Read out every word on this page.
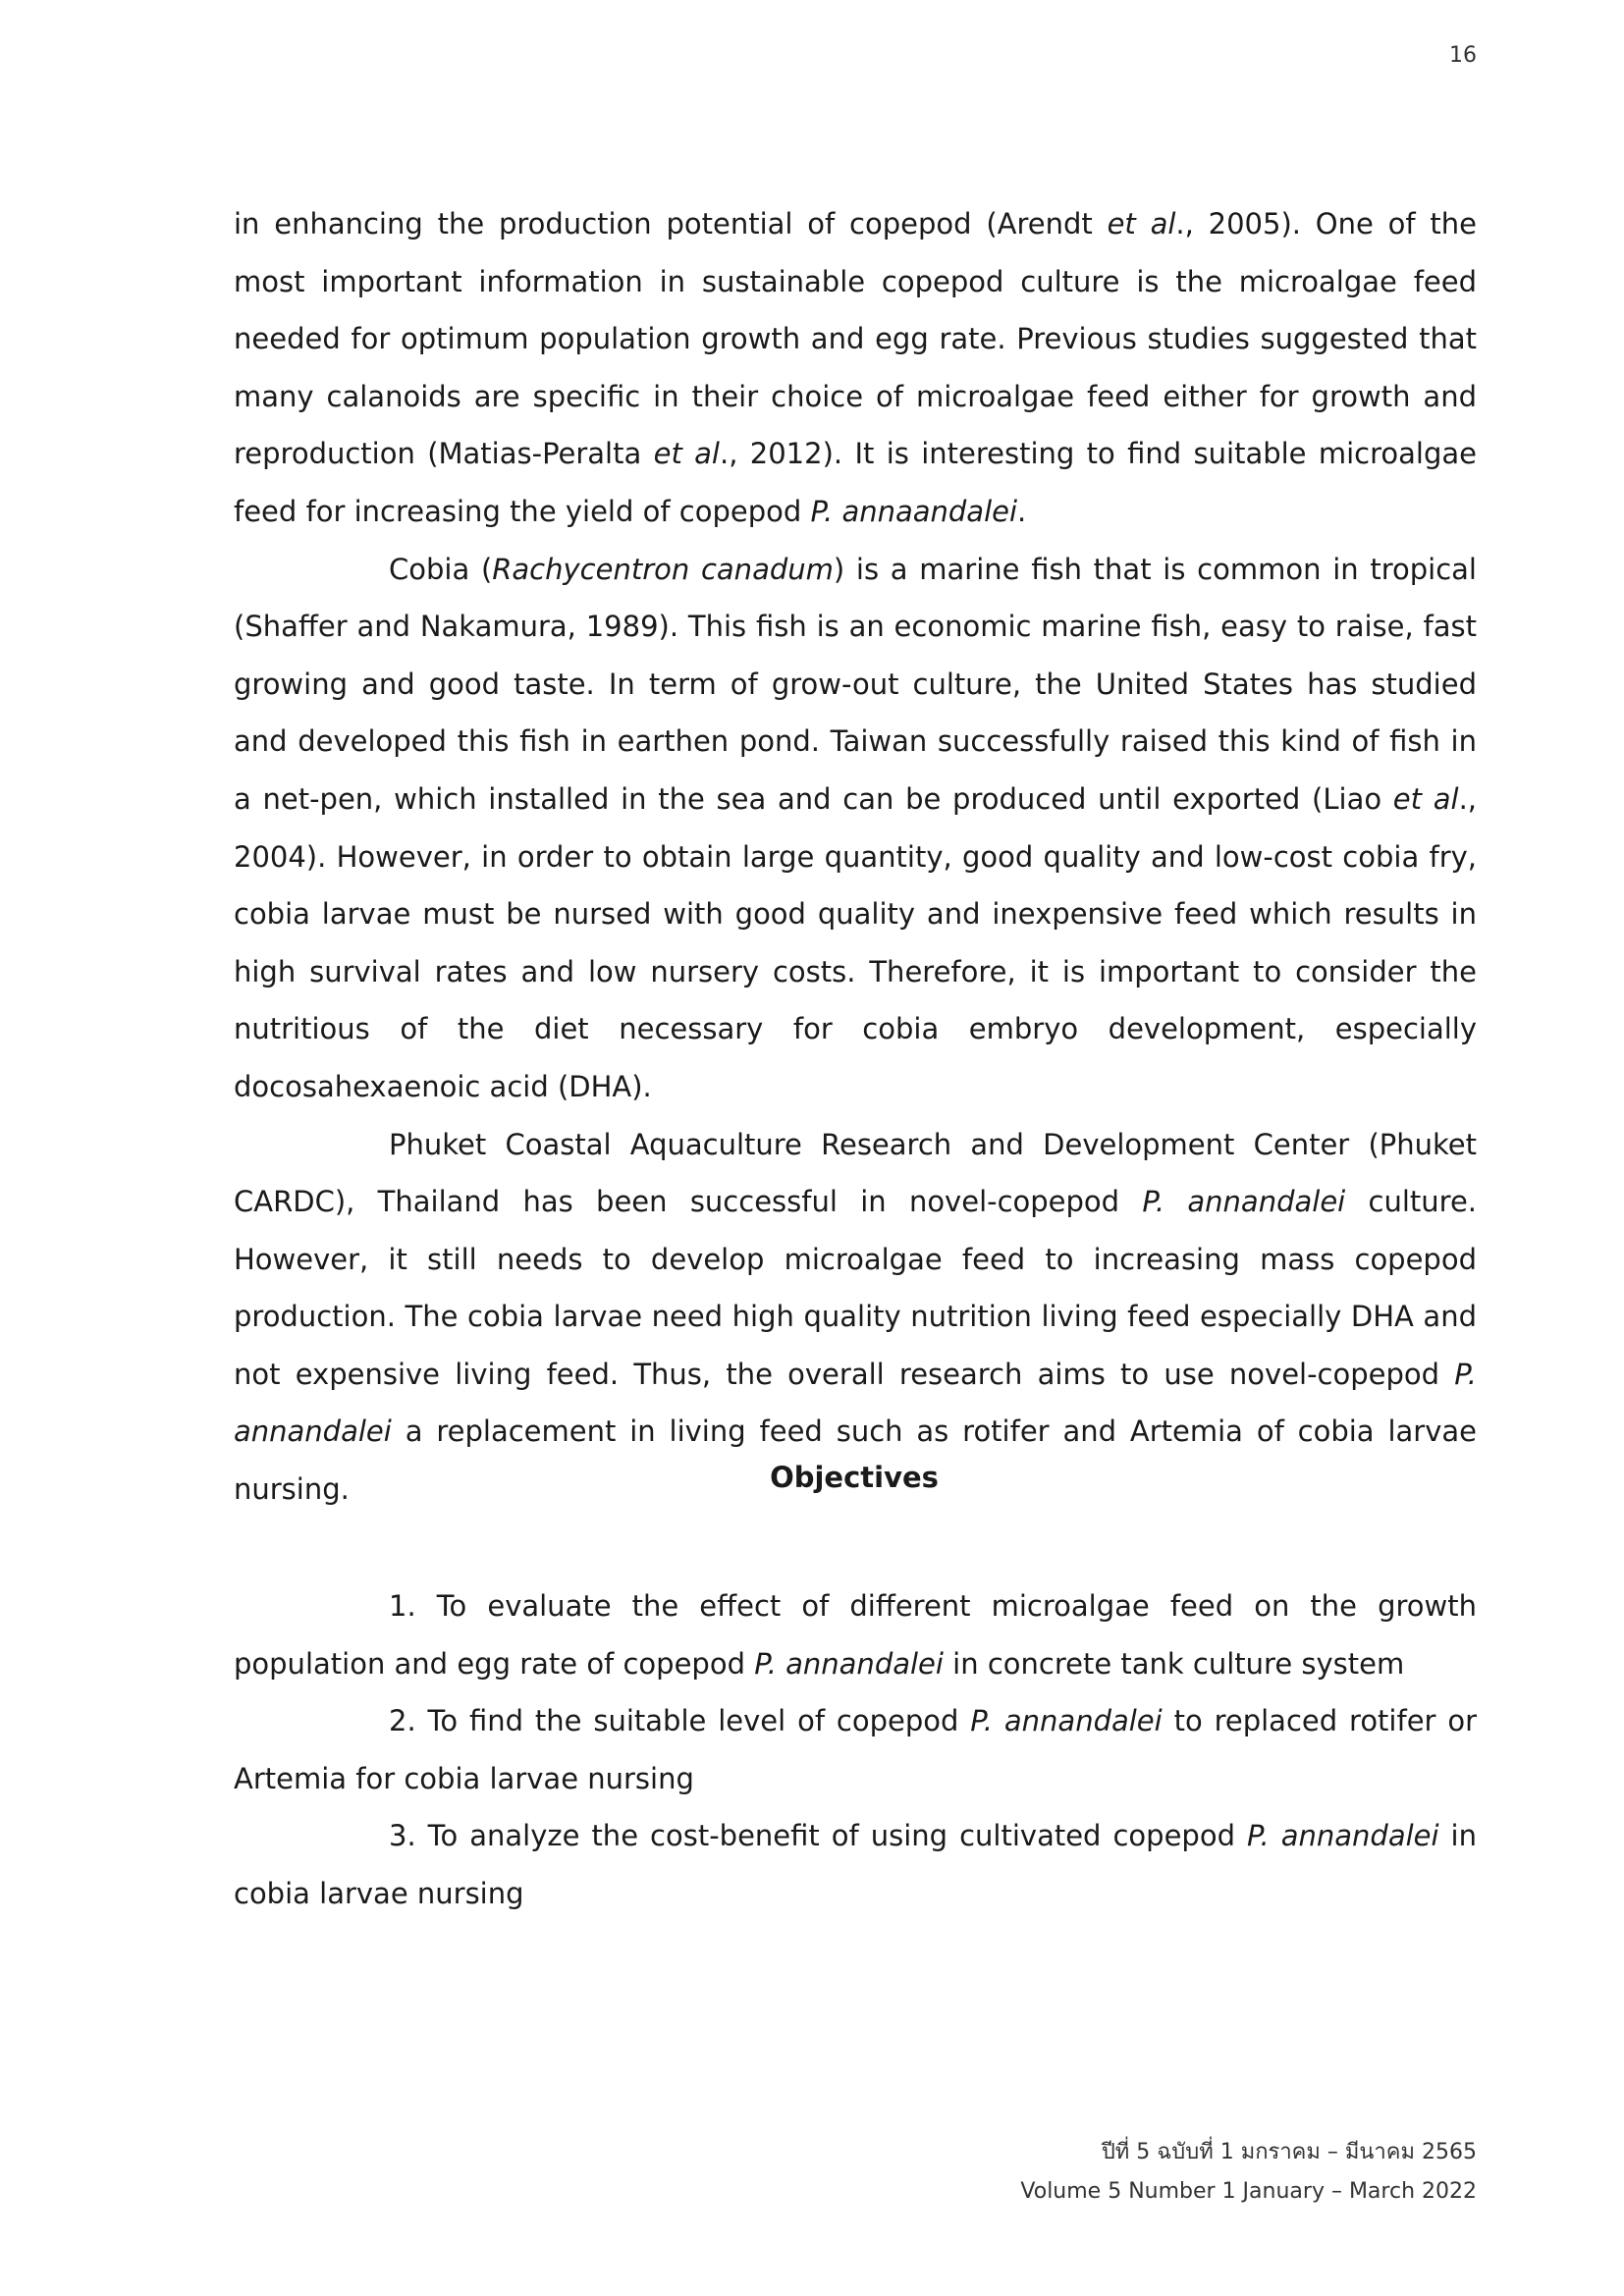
16

in enhancing the production potential of copepod (Arendt et al., 2005). One of the most important information in sustainable copepod culture is the microalgae feed needed for optimum population growth and egg rate. Previous studies suggested that many calanoids are specific in their choice of microalgae feed either for growth and reproduction (Matias-Peralta et al., 2012). It is interesting to find suitable microalgae feed for increasing the yield of copepod P. annaandalei.

Cobia (Rachycentron canadum) is a marine fish that is common in tropical (Shaffer and Nakamura, 1989). This fish is an economic marine fish, easy to raise, fast growing and good taste. In term of grow-out culture, the United States has studied and developed this fish in earthen pond. Taiwan successfully raised this kind of fish in a net-pen, which installed in the sea and can be produced until exported (Liao et al., 2004). However, in order to obtain large quantity, good quality and low-cost cobia fry, cobia larvae must be nursed with good quality and inexpensive feed which results in high survival rates and low nursery costs. Therefore, it is important to consider the nutritious of the diet necessary for cobia embryo development, especially docosahexaenoic acid (DHA).

Phuket Coastal Aquaculture Research and Development Center (Phuket CARDC), Thailand has been successful in novel-copepod P. annandalei culture. However, it still needs to develop microalgae feed to increasing mass copepod production. The cobia larvae need high quality nutrition living feed especially DHA and not expensive living feed. Thus, the overall research aims to use novel-copepod P. annandalei a replacement in living feed such as rotifer and Artemia of cobia larvae nursing.	Objectives

1. To evaluate the effect of different microalgae feed on the growth population and egg rate of copepod P. annandalei in concrete tank culture system

2. To find the suitable level of copepod P. annandalei to replaced rotifer or Artemia for cobia larvae nursing

3. To analyze the cost-benefit of using cultivated copepod P. annandalei in cobia larvae nursing

ปีที่ 5 ฉบับที่ 1 มกราคม – มีนาคม 2565
Volume 5 Number 1 January – March 2022
